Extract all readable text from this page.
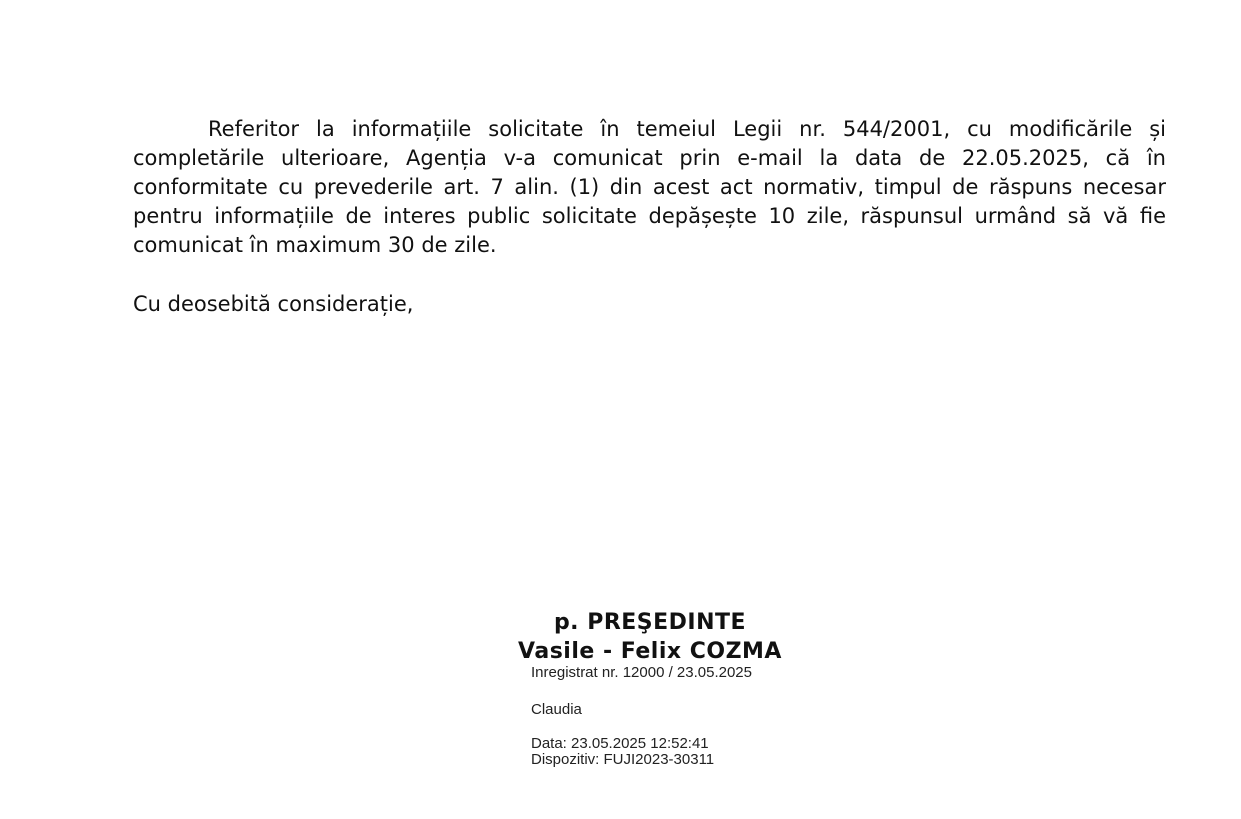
Referitor la informațiile solicitate în temeiul Legii nr. 544/2001, cu modificările și completările ulterioare, Agenția v-a comunicat prin e-mail la data de 22.05.2025, că în conformitate cu prevederile art. 7 alin. (1) din acest act normativ, timpul de răspuns necesar pentru informațiile de interes public solicitate depășește 10 zile, răspunsul urmând să vă fie comunicat în maximum 30 de zile.

Cu deosebită considerație,

p. PREŞEDINTE

Vasile - Felix COZMA

Inregistrat nr. 12000 / 23.05.2025
Claudia

Data: 23.05.2025 12:52:41

Dispozitiv: FUJI2023-30311
